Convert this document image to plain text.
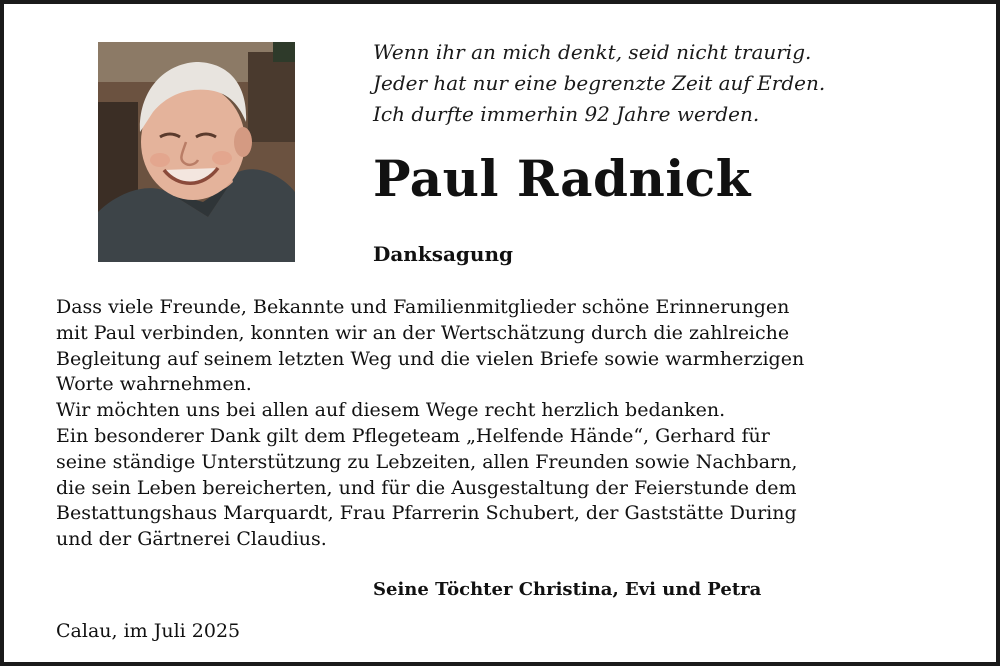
Wenn ihr an mich denkt, seid nicht traurig.
Jeder hat nur eine begrenzte Zeit auf Erden.
Ich durfte immerhin 92 Jahre werden.
Paul Radnick
Danksagung
Dass viele Freunde, Bekannte und Familienmitglieder schöne Erinnerungen
mit Paul verbinden, konnten wir an der Wertschätzung durch die zahlreiche
Begleitung auf seinem letzten Weg und die vielen Briefe sowie warmherzigen
Worte wahrnehmen.
Wir möchten uns bei allen auf diesem Wege recht herzlich bedanken.
Ein besonderer Dank gilt dem Pflegeteam „Helfende Hände“, Gerhard für
seine ständige Unterstützung zu Lebzeiten, allen Freunden sowie Nachbarn,
die sein Leben bereicherten, und für die Ausgestaltung der Feierstunde dem
Bestattungshaus Marquardt, Frau Pfarrerin Schubert, der Gaststätte During
und der Gärtnerei Claudius.
Seine Töchter Christina, Evi und Petra
Calau, im Juli 2025
